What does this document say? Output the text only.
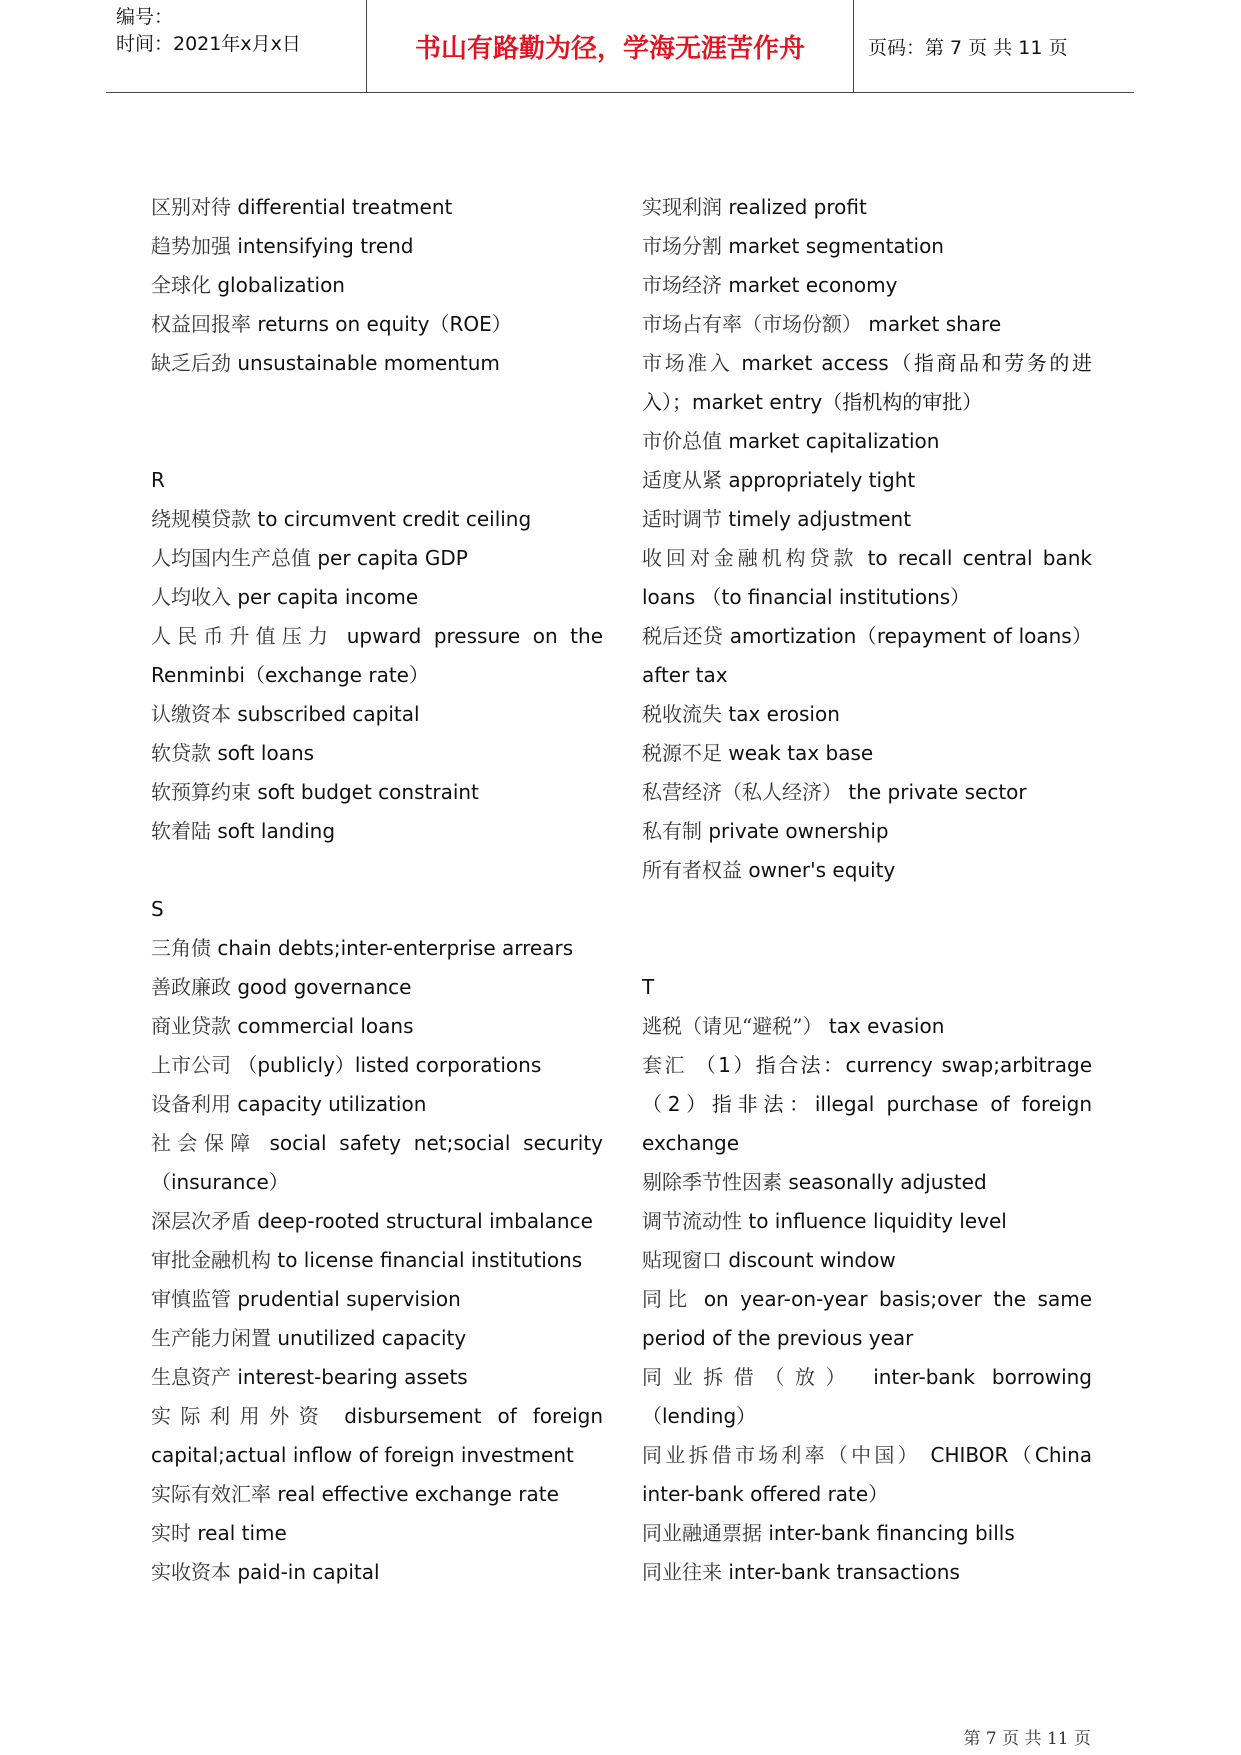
编号：
时间：2021年x月x日	书山有路勤为径，学海无涯苦作舟	页码：第 7 页 共 11 页
区别对待 differential treatment
趋势加强 intensifying trend
全球化 globalization
权益回报率 returns on equity（ROE）
缺乏后劲 unsustainable momentum
R
绕规模贷款 to circumvent credit ceiling
人均国内生产总值 per capita GDP
人均收入 per capita income
人民币升值压力 upward pressure on the Renminbi（exchange rate）
认缴资本 subscribed capital
软贷款 soft loans
软预算约束 soft budget constraint
软着陆 soft landing
S
三角债 chain debts;inter-enterprise arrears
善政廉政 good governance
商业贷款 commercial loans
上市公司 （publicly）listed corporations
设备利用 capacity utilization
社会保障 social safety net;social security（insurance）
深层次矛盾 deep-rooted structural imbalance
审批金融机构 to license financial institutions
审慎监管 prudential supervision
生产能力闲置 unutilized capacity
生息资产 interest-bearing assets
实际利用外资 disbursement of foreign capital;actual inflow of foreign investment
实际有效汇率 real effective exchange rate
实时 real time
实收资本 paid-in capital
实现利润 realized profit
市场分割 market segmentation
市场经济 market economy
市场占有率（市场份额） market share
市场准入 market access（指商品和劳务的进入）；market entry（指机构的审批）
市价总值 market capitalization
适度从紧 appropriately tight
适时调节 timely adjustment
收回对金融机构贷款 to recall central bank loans （to financial institutions）
税后还贷 amortization（repayment of loans）after tax
税收流失 tax erosion
税源不足 weak tax base
私营经济（私人经济） the private sector
私有制 private ownership
所有者权益 owner's equity
T
逃税（请见“避税”） tax evasion
套汇 （1）指合法：currency swap;arbitrage （2）指非法：illegal purchase of foreign exchange
剔除季节性因素 seasonally adjusted
调节流动性 to influence liquidity level
贴现窗口 discount window
同比 on year-on-year basis;over the same period of the previous year
同业拆借（放） inter-bank borrowing（lending）
同业拆借市场利率（中国） CHIBOR（China inter-bank offered rate）
同业融通票据 inter-bank financing bills
同业往来 inter-bank transactions
第 7 页 共 11 页
